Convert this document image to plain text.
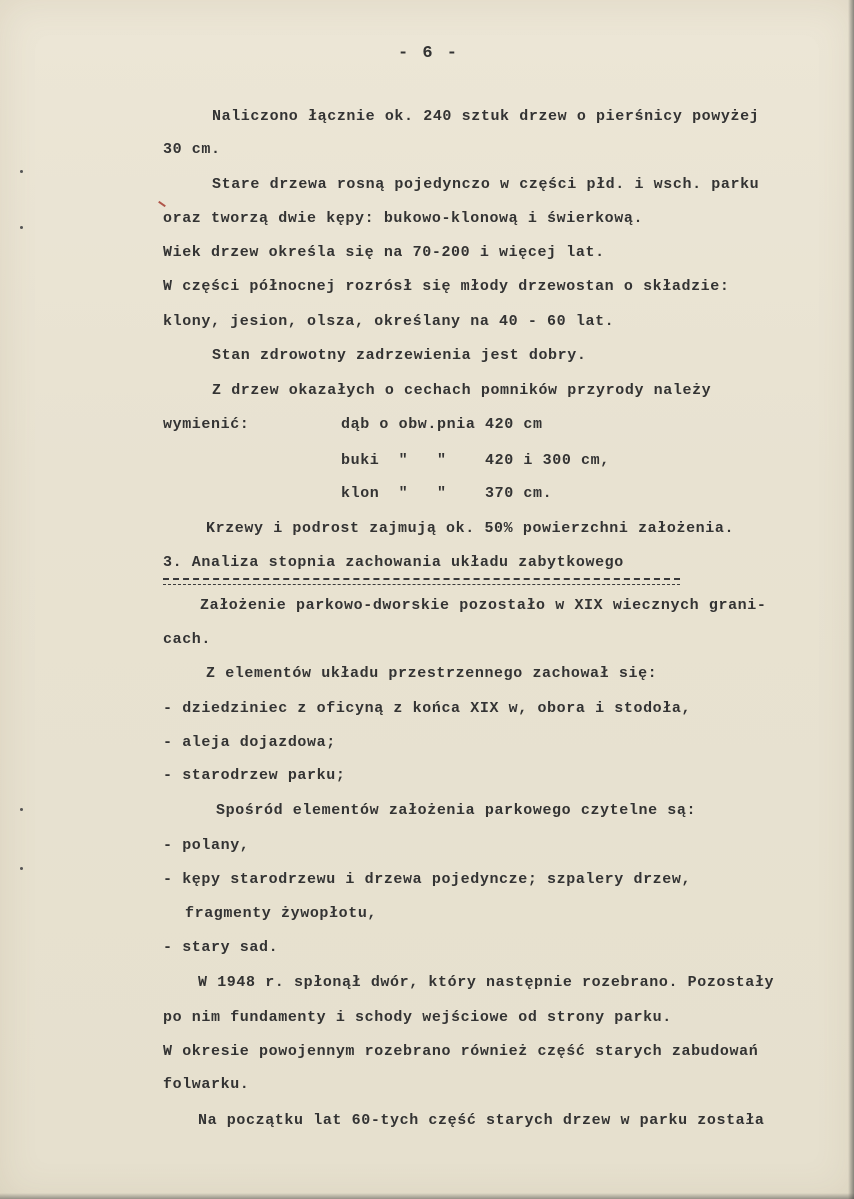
- 6 -
Naliczono łącznie ok. 240 sztuk drzew o pierśnicy powyżej
30 cm.
Stare drzewa rosną pojedynczo w części płd. i wsch. parku
oraz tworzą dwie kępy: bukowo-klonową i świerkową.
Wiek drzew określa się na 70-200 i więcej lat.
W części północnej rozrósł się młody drzewostan o składzie:
klony, jesion, olsza, określany na 40 - 60 lat.
Stan zdrowotny zadrzewienia jest dobry.
Z drzew okazałych o cechach pomników przyrody należy
wymienić:	dąb o obw.pnia 420 cm
buki  "   "    420 i 300 cm,
klon  "   "    370 cm.
Krzewy i podrost zajmują ok. 50% powierzchni założenia.
3. Analiza stopnia zachowania układu zabytkowego
Założenie parkowo-dworskie pozostało w XIX wiecznych grani-
cach.
Z elementów układu przestrzennego zachował się:
- dziedziniec z oficyną z końca XIX w, obora i stodoła,
- aleja dojazdowa;
- starodrzew parku;
Spośród elementów założenia parkowego czytelne są:
- polany,
- kępy starodrzewu i drzewa pojedyncze; szpalery drzew,
fragmenty żywopłotu,
- stary sad.
W 1948 r. spłonął dwór, który następnie rozebrano. Pozostały
po nim fundamenty i schody wejściowe od strony parku.
W okresie powojennym rozebrano również część starych zabudowań
folwarku.
Na początku lat 60-tych część starych drzew w parku została
